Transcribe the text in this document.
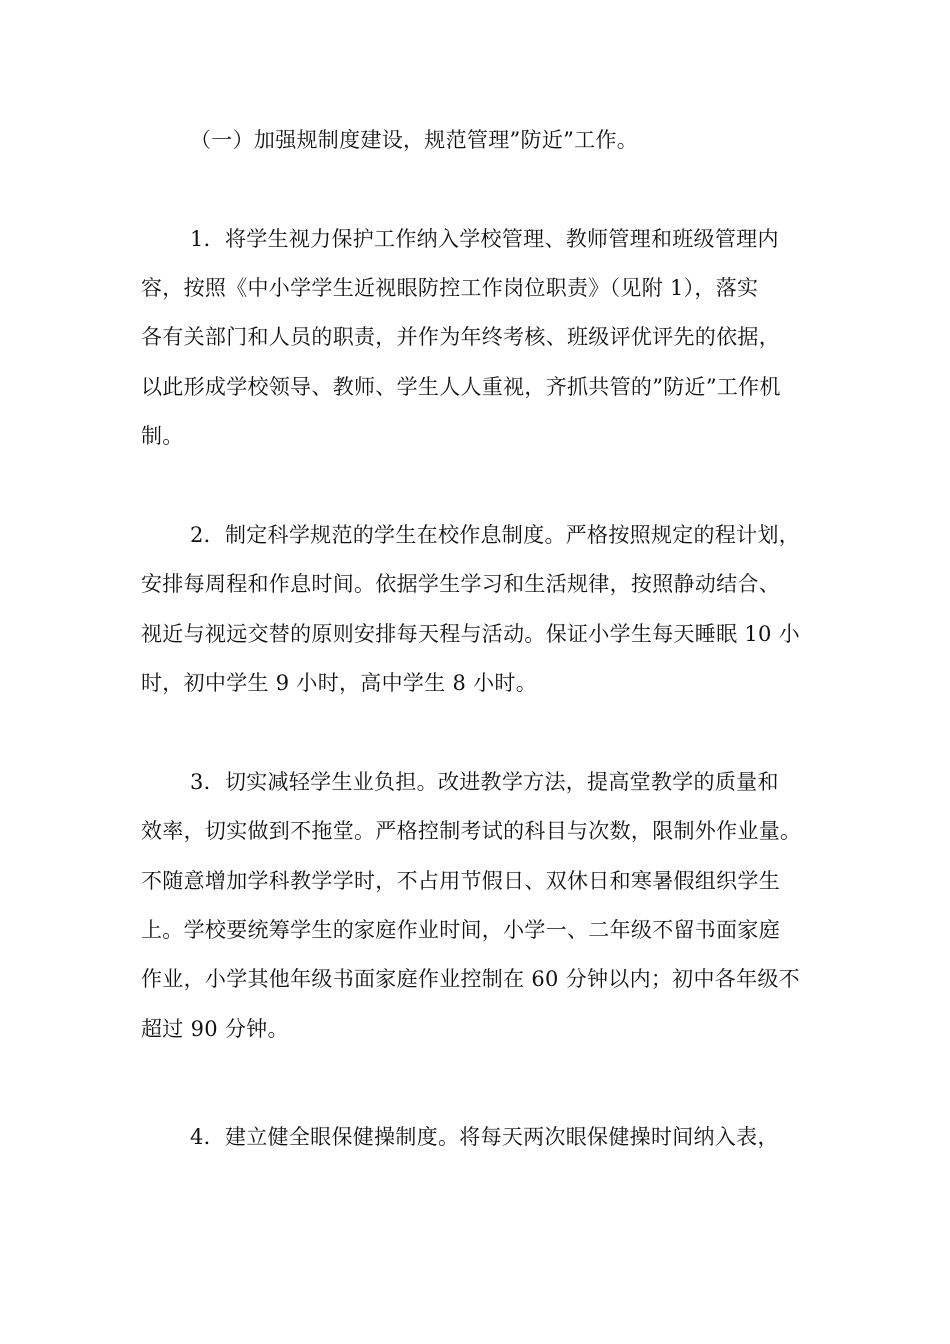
（一）加强规制度建设，规范管理”防近”工作。
1．将学生视力保护工作纳入学校管理、教师管理和班级管理内
容，按照《中小学学生近视眼防控工作岗位职责》（见附 1），落实
各有关部门和人员的职责，并作为年终考核、班级评优评先的依据，
以此形成学校领导、教师、学生人人重视，齐抓共管的”防近”工作机
制。
2．制定科学规范的学生在校作息制度。严格按照规定的程计划，
安排每周程和作息时间。依据学生学习和生活规律，按照静动结合、
视近与视远交替的原则安排每天程与活动。保证小学生每天睡眠 10 小
时，初中学生 9 小时，高中学生 8 小时。
3．切实减轻学生业负担。改进教学方法，提高堂教学的质量和
效率，切实做到不拖堂。严格控制考试的科目与次数，限制外作业量。
不随意增加学科教学学时，不占用节假日、双休日和寒暑假组织学生
上。学校要统筹学生的家庭作业时间，小学一、二年级不留书面家庭
作业，小学其他年级书面家庭作业控制在 60 分钟以内；初中各年级不
超过 90 分钟。
4．建立健全眼保健操制度。将每天两次眼保健操时间纳入表，
